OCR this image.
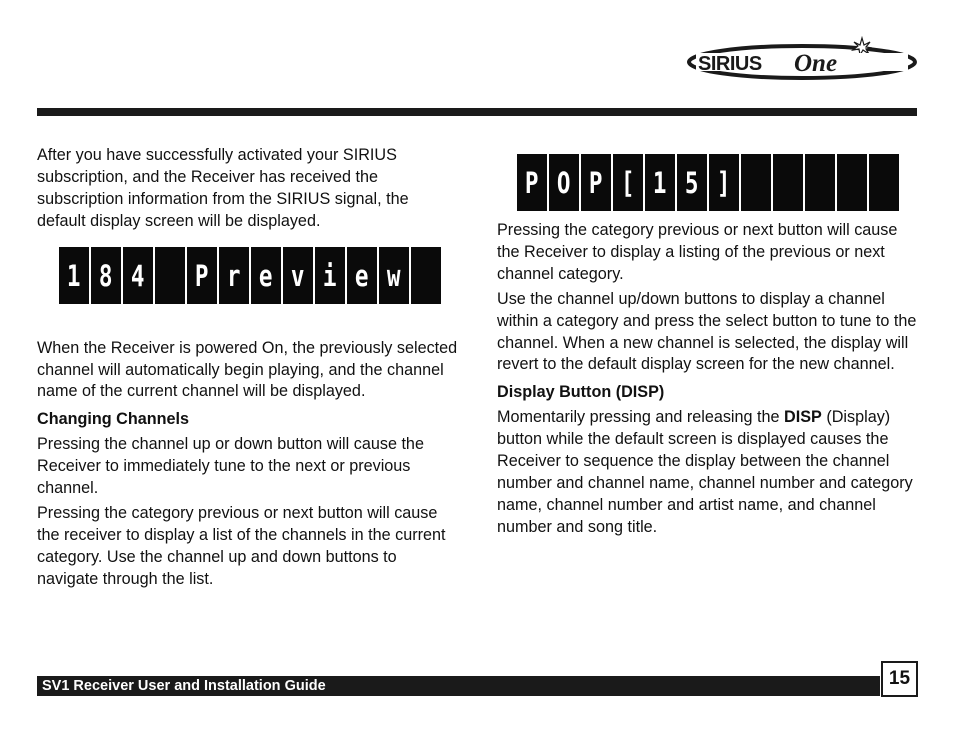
SIRIUS One

After you have successfully activated your SIRIUS subscription, and the Receiver has received the subscription information from the SIRIUS signal, the default display screen will be displayed.

When the Receiver is powered On, the previously selected channel will automatically begin playing, and the channel name of the current channel will be displayed.

Changing Channels

Pressing the channel up or down button will cause the Receiver to immediately tune to the next or previous channel.

Pressing the category previous or next button will cause the receiver to display a list of the channels in the current category. Use the channel up and down buttons to navigate through the list.

1 8 4 P r e v i e w
P O P [ 1 5 ]

Pressing the category previous or next button will cause the Receiver to display a listing of the previous or next channel category.

Use the channel up/down buttons to display a channel within a category and press the select button to tune to the channel. When a new channel is selected, the display will revert to the default display screen for the new channel.

Display Button (DISP)

Momentarily pressing and releasing the DISP (Display) button while the default screen is displayed causes the Receiver to sequence the display between the channel number and channel name, channel number and category name, channel number and artist name, and channel number and song title.

SV1 Receiver User and Installation Guide	15
